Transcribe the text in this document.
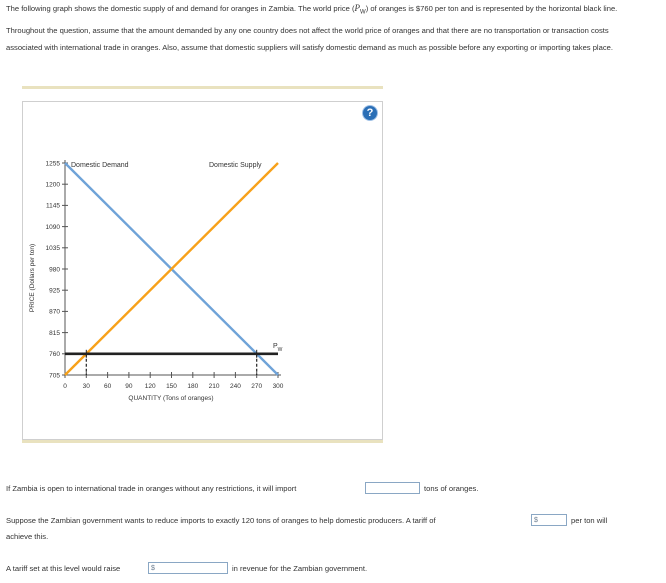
The following graph shows the domestic supply of and demand for oranges in Zambia. The world price $(P_W)$ of oranges is $760 per ton and is represented by the horizontal black line. Throughout the question, assume that the amount demanded by any one country does not affect the world price of oranges and that there are no transportation or transaction costs associated with international trade in oranges. Also, assume that domestic suppliers will satisfy domestic demand as much as possible before any exporting or importing takes place.
?
705
760
815
870
925
980
1035
1090
1145
1200
1255
0 30 60 90 120 150 180 210 240 270 300
Domestic Demand	Domestic Supply
$P_W$
PRICE (Dollars per ton)
QUANTITY (Tons of oranges)
If Zambia is open to international trade in oranges without any restrictions, it will import	tons of oranges.
Suppose the Zambian government wants to reduce imports to exactly 120 tons of oranges to help domestic producers. A tariff of	$	per ton will
achieve this.
A tariff set at this level would raise	$	in revenue for the Zambian government.
